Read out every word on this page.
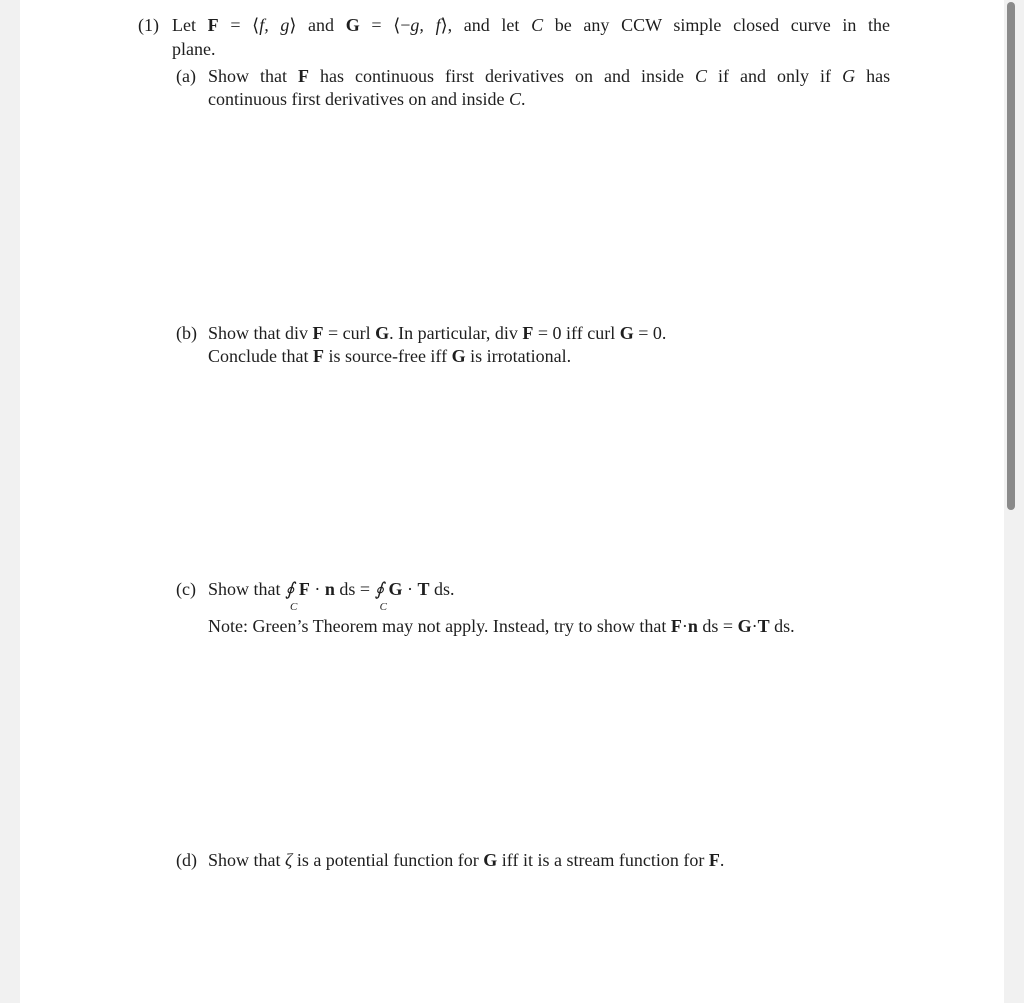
(1) Let F = ⟨f, g⟩ and G = ⟨−g, f⟩, and let C be any CCW simple closed curve in the
plane.
(a) Show that F has continuous first derivatives on and inside C if and only if G has
continuous first derivatives on and inside C.
(b) Show that div F = curl G. In particular, div F = 0 iff curl G = 0.
Conclude that F is source-free iff G is irrotational.
(c) Show that ∮
C
F · n ds = ∮
C
G · T ds.
Note: Green’s Theorem may not apply. Instead, try to show that F·n ds = G·T ds.
(d) Show that ζ is a potential function for G iff it is a stream function for F.
